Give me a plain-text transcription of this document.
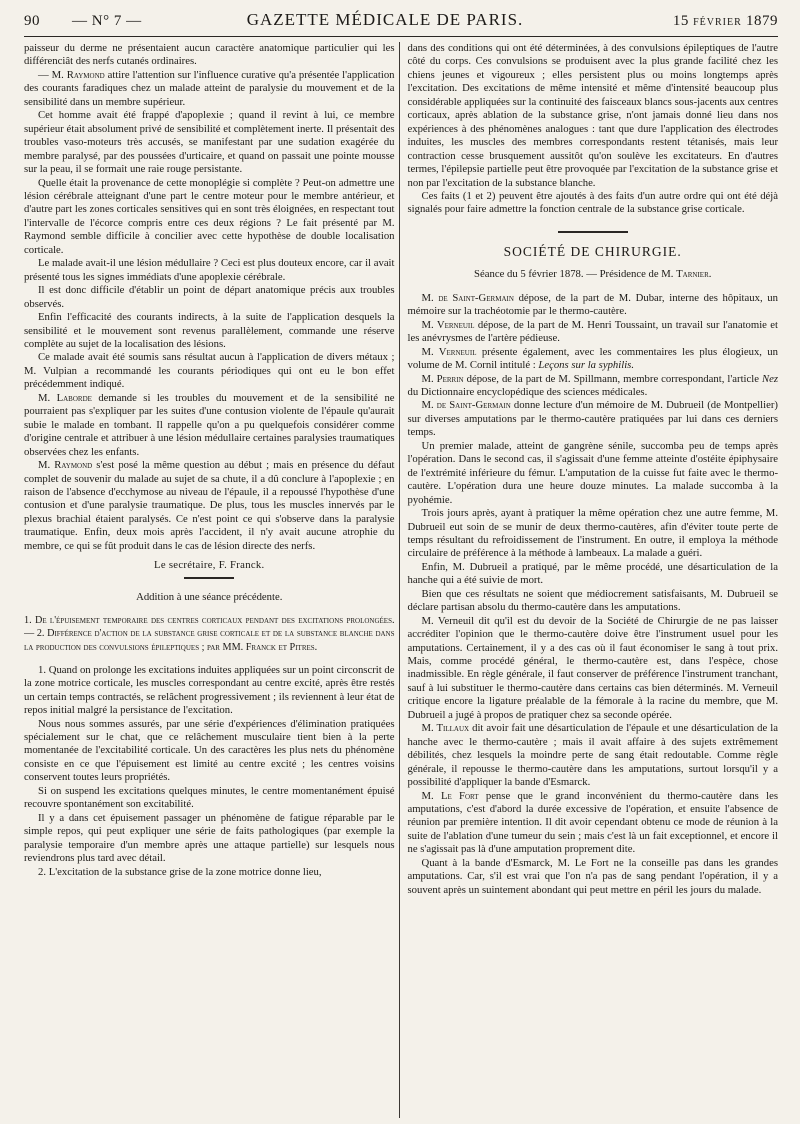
90	— N° 7 —	GAZETTE MÉDICALE DE PARIS.	15 FÉVRIER 1879

paisseur du derme ne présentaient aucun caractère anatomique particulier qui les différenciât des nerfs cutanés ordinaires.

— M. Raymond attire l'attention sur l'influence curative qu'a présentée l'application des courants faradiques chez un malade atteint de paralysie du mouvement et de la sensibilité dans un membre supérieur.

Cet homme avait été frappé d'apoplexie ; quand il revint à lui, ce membre supérieur était absolument privé de sensibilité et complètement inerte. Il présentait des troubles vaso-moteurs très accusés, se manifestant par une sudation exagérée du membre paralysé, par des poussées d'urticaire, et quand on passait une pointe mousse sur la peau, il se formait une raie rouge persistante.

Quelle était la provenance de cette monoplégie si complète ? Peut-on admettre une lésion cérébrale atteignant d'une part le centre moteur pour le membre antérieur, et d'autre part les zones corticales sensitives qui en sont très éloignées, en respectant tout l'intervalle de l'écorce compris entre ces deux régions ? Le fait présenté par M. Raymond semble difficile à concilier avec cette hypothèse de double localisation corticale.

Le malade avait-il une lésion médullaire ? Ceci est plus douteux encore, car il avait présenté tous les signes immédiats d'une apoplexie cérébrale.

Il est donc difficile d'établir un point de départ anatomique précis aux troubles observés.

Enfin l'efficacité des courants indirects, à la suite de l'application desquels la sensibilité et le mouvement sont revenus parallèlement, commande une réserve complète au sujet de la localisation des lésions.

Ce malade avait été soumis sans résultat aucun à l'application de divers métaux ; M. Vulpian a recommandé les courants périodiques qui ont eu le bon effet précédemment indiqué.

M. Laborde demande si les troubles du mouvement et de la sensibilité ne pourraient pas s'expliquer par les suites d'une contusion violente de l'épaule qu'aurait subie le malade en tombant. Il rappelle qu'on a pu quelquefois considérer comme d'origine centrale et attribuer à une lésion médullaire certaines paralysies traumatiques observées chez les enfants.

M. Raymond s'est posé la même question au début ; mais en présence du défaut complet de souvenir du malade au sujet de sa chute, il a dû conclure à l'apoplexie ; en raison de l'absence d'ecchymose au niveau de l'épaule, il a repoussé l'hypothèse d'une contusion et d'une paralysie traumatique. De plus, tous les muscles innervés par le plexus brachial étaient paralysés. Ce n'est point ce qui s'observe dans la paralysie traumatique. Enfin, deux mois après l'accident, il n'y avait aucune atrophie du membre, ce qui se fût produit dans le cas de lésion directe des nerfs.

Le secrétaire, F. Franck.

Addition à une séance précédente.

1. De l'épuisement temporaire des centres corticaux pendant des excitations prolongées. — 2. Différence d'action de la substance grise corticale et de la substance blanche dans la production des convulsions épileptiques ; par MM. Franck et Pitres.

1. Quand on prolonge les excitations induites appliquées sur un point circonscrit de la zone motrice corticale, les muscles correspondant au centre excité, après être restés un certain temps contractés, se relâchent progressivement ; ils reviennent à leur état de repos initial malgré la persistance de l'excitation.

Nous nous sommes assurés, par une série d'expériences d'élimination pratiquées spécialement sur le chat, que ce relâchement musculaire tient bien à la perte momentanée de l'excitabilité corticale. Un des caractères les plus nets du phénomène consiste en ce que l'épuisement est limité au centre excité ; les centres voisins conservent toutes leurs propriétés.

Si on suspend les excitations quelques minutes, le centre momentanément épuisé recouvre spontanément son excitabilité.

Il y a dans cet épuisement passager un phénomène de fatigue réparable par le simple repos, qui peut expliquer une série de faits pathologiques (par exemple la paralysie temporaire d'un membre après une attaque partielle) sur lesquels nous reviendrons plus tard avec détail.

2. L'excitation de la substance grise de la zone motrice donne lieu,

dans des conditions qui ont été déterminées, à des convulsions épileptiques de l'autre côté du corps. Ces convulsions se produisent avec la plus grande facilité chez les chiens jeunes et vigoureux ; elles persistent plus ou moins longtemps après l'excitation. Des excitations de même intensité et même d'intensité beaucoup plus considérable appliquées sur la continuité des faisceaux blancs sous-jacents aux centres corticaux, après ablation de la substance grise, n'ont jamais donné lieu dans nos expériences à des phénomènes analogues : tant que dure l'application des électrodes induites, les muscles des membres correspondants restent tétanisés, mais leur contraction cesse brusquement aussitôt qu'on soulève les excitateurs. En d'autres termes, l'épilepsie partielle peut être provoquée par l'excitation de la substance grise et non par l'excitation de la substance blanche.

Ces faits (1 et 2) peuvent être ajoutés à des faits d'un autre ordre qui ont été déjà signalés pour faire admettre la fonction centrale de la substance grise corticale.

SOCIÉTÉ DE CHIRURGIE.

Séance du 5 février 1878. — Présidence de M. Tarnier.

M. de Saint-Germain dépose, de la part de M. Dubar, interne des hôpitaux, un mémoire sur la trachéotomie par le thermo-cautère.

M. Verneuil dépose, de la part de M. Henri Toussaint, un travail sur l'anatomie et les anévrysmes de l'artère pédieuse.

M. Verneuil présente également, avec les commentaires les plus élogieux, un volume de M. Cornil intitulé : Leçons sur la syphilis.

M. Perrin dépose, de la part de M. Spillmann, membre correspondant, l'article Nez du Dictionnaire encyclopédique des sciences médicales.

M. de Saint-Germain donne lecture d'un mémoire de M. Dubrueil (de Montpellier) sur diverses amputations par le thermo-cautère pratiquées par lui dans ces derniers temps.

Un premier malade, atteint de gangrène sénile, succomba peu de temps après l'opération. Dans le second cas, il s'agissait d'une femme atteinte d'ostéite épiphysaire de l'extrémité inférieure du fémur. L'amputation de la cuisse fut faite avec le thermo-cautère. L'opération dura une heure douze minutes. La malade succomba à la pyohémie.

Trois jours après, ayant à pratiquer la même opération chez une autre femme, M. Dubrueil eut soin de se munir de deux thermo-cautères, afin d'éviter toute perte de temps résultant du refroidissement de l'instrument. En outre, il employa la méthode circulaire de préférence à la méthode à lambeaux. La malade a guéri.

Enfin, M. Dubrueil a pratiqué, par le même procédé, une désarticulation de la hanche qui a été suivie de mort.

Bien que ces résultats ne soient que médiocrement satisfaisants, M. Dubrueil se déclare partisan absolu du thermo-cautère dans les amputations.

M. Verneuil dit qu'il est du devoir de la Société de Chirurgie de ne pas laisser accréditer l'opinion que le thermo-cautère doive être l'instrument usuel pour les amputations. Certainement, il y a des cas où il faut économiser le sang à tout prix. Mais, comme procédé général, le thermo-cautère est, dans l'espèce, chose inadmissible. En règle générale, il faut conserver de préférence l'instrument tranchant, sauf à lui substituer le thermo-cautère dans certains cas bien déterminés. M. Verneuil critique encore la ligature préalable de la fémorale à la racine du membre, que M. Dubrueil a jugé à propos de pratiquer chez sa seconde opérée.

M. Tillaux dit avoir fait une désarticulation de l'épaule et une désarticulation de la hanche avec le thermo-cautère ; mais il avait affaire à des sujets extrêmement débilités, chez lesquels la moindre perte de sang était redoutable. Comme règle générale, il repousse le thermo-cautère dans les amputations, surtout lorsqu'il y a possibilité d'appliquer la bande d'Esmarck.

M. Le Fort pense que le grand inconvénient du thermo-cautère dans les amputations, c'est d'abord la durée excessive de l'opération, et ensuite l'absence de réunion par première intention. Il dit avoir cependant obtenu ce mode de réunion à la suite de l'ablation d'une tumeur du sein ; mais c'est là un fait exceptionnel, et encore il ne s'agissait pas là d'une amputation proprement dite.

Quant à la bande d'Esmarck, M. Le Fort ne la conseille pas dans les grandes amputations. Car, s'il est vrai que l'on n'a pas de sang pendant l'opération, il y a souvent après un suintement abondant qui peut mettre en péril les jours du malade.
